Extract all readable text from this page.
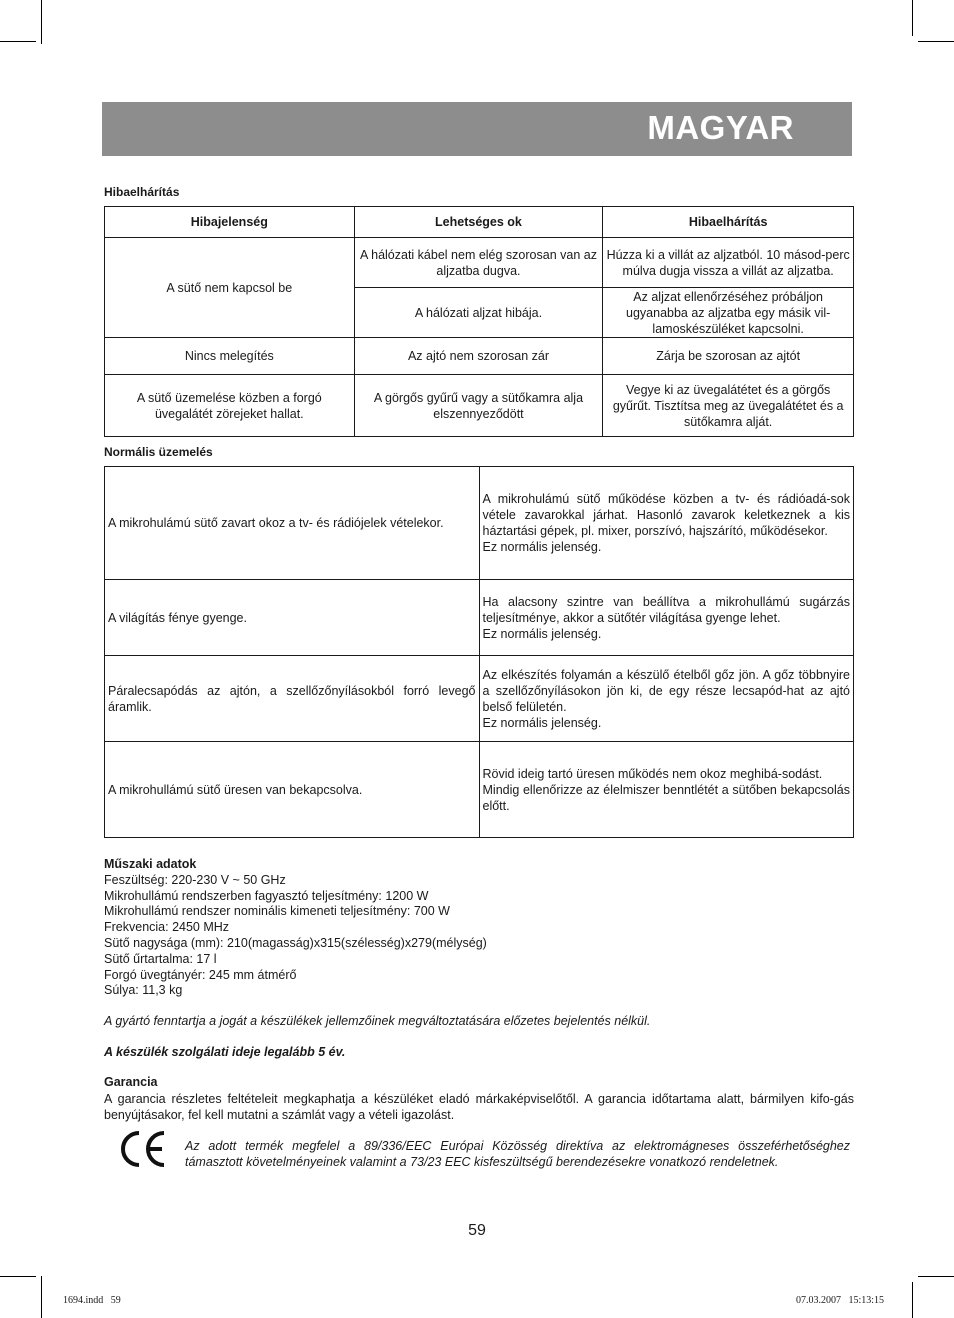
MAGYAR
Hibaelhárítás
Hibajelenség	Lehetséges ok	Hibaelhárítás
A sütő nem kapcsol be	A hálózati kábel nem elég szorosan van az aljzatba dugva.	Húzza ki a villát az aljzatból. 10 másod-perc múlva dugja vissza a villát az aljzatba.
	A hálózati aljzat hibája.	Az aljzat ellenőrzéséhez próbáljon ugyanabba az aljzatba egy másik vil-lamoskészüléket kapcsolni.
Nincs melegítés	Az ajtó nem szorosan zár	Zárja be szorosan az ajtót
A sütő üzemelése közben a forgó üvegalátét zörejeket hallat.	A görgős gyűrű vagy a sütőkamra alja elszennyeződött	Vegye ki az üvegalátétet és a görgős gyűrűt. Tisztítsa meg az üvegalátétet és a sütőkamra alját.
Normális üzemelés
A mikrohulámú sütő zavart okoz a tv- és rádiójelek vételekor.	A mikrohulámú sütő működése közben a tv- és rádióadá-sok vétele zavarokkal járhat. Hasonló zavarok keletkeznek a kis háztartási gépek, pl. mixer, porszívó, hajszárító, működésekor.
Ez normális jelenség.

A világítás fénye gyenge.	Ha alacsony szintre van beállítva a mikrohullámú sugárzás teljesítménye, akkor a sütőtér világítása gyenge lehet.
Ez normális jelenség.

Páralecsapódás az ajtón, a szellőzőnyílásokból forró levegő áramlik.	Az elkészítés folyamán a készülő ételből gőz jön. A gőz többnyire a szellőzőnyílásokon jön ki, de egy része lecsapód-hat az ajtó belső felületén.
Ez normális jelenség.

A mikrohullámú sütő üresen van bekapcsolva.	Rövid ideig tartó üresen működés nem okoz meghibá-sodást.
Mindig ellenőrizze az élelmiszer benntlétét a sütőben bekapcsolás előtt.
Műszaki adatok
Feszültség: 220-230 V ~ 50 GHz
Mikrohullámú rendszerben fagyasztó teljesítmény: 1200 W
Mikrohullámú rendszer nominális kimeneti teljesítmény: 700 W
Frekvencia: 2450 MHz
Sütő nagysága (mm): 210(magasság)x315(szélesség)x279(mélység)
Sütő űrtartalma: 17 l
Forgó üvegtányér: 245 mm átmérő
Súlya: 11,3 kg
A gyártó fenntartja a jogát a készülékek jellemzőinek megváltoztatására előzetes bejelentés nélkül.
A készülék szolgálati ideje legalább 5 év.
Garancia
A garancia részletes feltételeit megkaphatja a készüléket eladó márkaképviselőtől. A garancia időtartama alatt, bármilyen kifo-gás benyújtásakor, fel kell mutatni a számlát vagy a vételi igazolást.
Az adott termék megfelel a 89/336/EEC Európai Közösség direktíva az elektromágneses összeférhetőséghez támasztott követelményeinek valamint a 73/23 EEC kisfeszültségű berendezésekre vonatkozó rendeletnek.
59
1694.indd   59	07.03.2007   15:13:15
